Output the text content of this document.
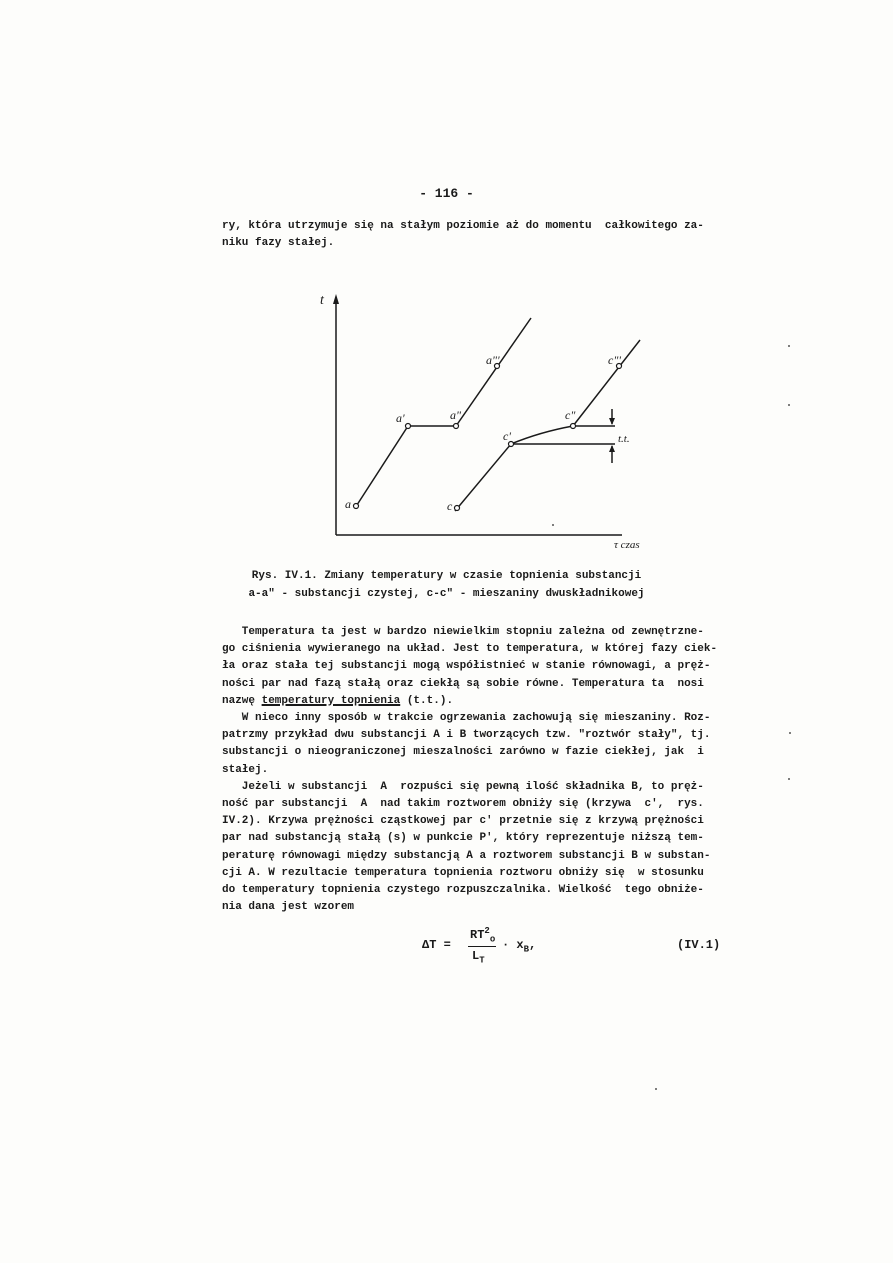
- 116 -
ry, która utrzymuje się na stałym poziomie aż do momentu  całkowitego za-
niku fazy stałej.
t
τ czas
a
a'	a"
a"'
c
c'
c"
c"'
t.t.
Rys. IV.1. Zmiany temperatury w czasie topnienia substancji
a-a" - substancji czystej, c-c" - mieszaniny dwuskładnikowej
Temperatura ta jest w bardzo niewielkim stopniu zależna od zewnętrzne-
go ciśnienia wywieranego na układ. Jest to temperatura, w której fazy ciek-
ła oraz stała tej substancji mogą współistnieć w stanie równowagi, a pręż-
ności par nad fazą stałą oraz ciekłą są sobie równe. Temperatura ta  nosi
nazwę temperatury topnienia (t.t.).
W nieco inny sposób w trakcie ogrzewania zachowują się mieszaniny. Roz-
patrzmy przykład dwu substancji A i B tworzących tzw. "roztwór stały", tj.
substancji o nieograniczonej mieszalności zarówno w fazie ciekłej, jak  i
stałej.
Jeżeli w substancji  A  rozpuści się pewną ilość składnika B, to pręż-
ność par substancji  A  nad takim roztworem obniży się (krzywa  c',  rys.
IV.2). Krzywa prężności cząstkowej par c' przetnie się z krzywą prężności
par nad substancją stałą (s) w punkcie P', który reprezentuje niższą tem-
peraturę równowagi między substancją A a roztworem substancji B w substan-
cji A. W rezultacie temperatura topnienia roztworu obniży się  w stosunku
do temperatury topnienia czystego rozpuszczalnika. Wielkość  tego obniże-
nia dana jest wzorem
ΔT =
$RT^2_o$
$L_T$
· $x_B$,	(IV.1)
